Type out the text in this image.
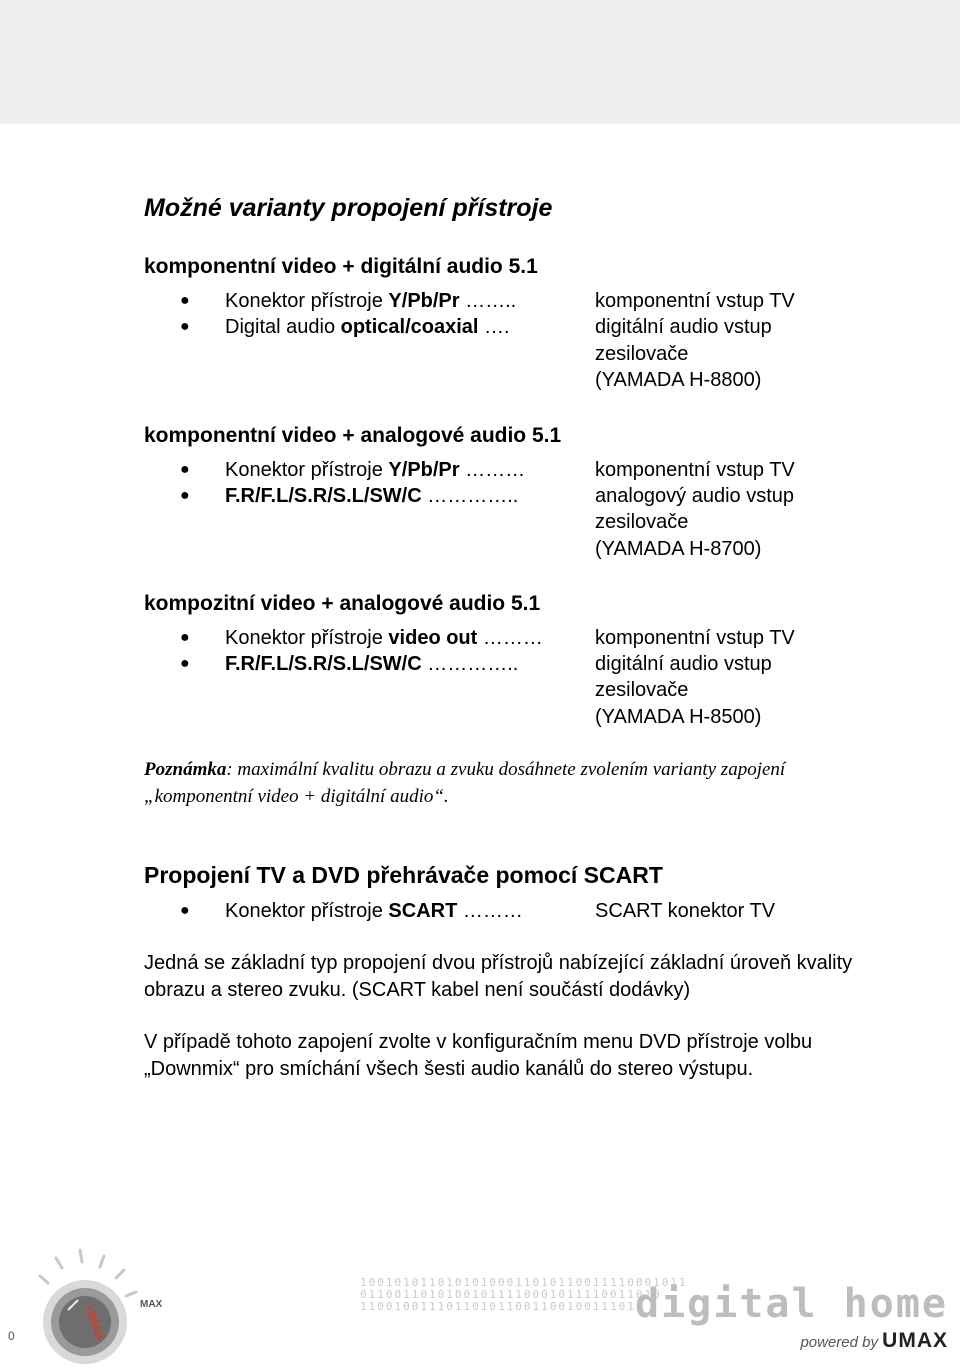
Možné varianty propojení přístroje
komponentní video + digitální audio 5.1
● Konektor přístroje Y/Pb/Pr ……..	komponentní vstup TV
● Digital audio optical/coaxial ….	digitální audio vstup
zesilovače
(YAMADA H-8800)
komponentní video + analogové audio 5.1
● Konektor přístroje Y/Pb/Pr ………	komponentní vstup TV
● F.R/F.L/S.R/S.L/SW/C …………..	analogový audio vstup
zesilovače
(YAMADA H-8700)
kompozitní video + analogové audio 5.1
● Konektor přístroje video out ………	komponentní vstup TV
● F.R/F.L/S.R/S.L/SW/C …………..	digitální audio vstup
zesilovače
(YAMADA H-8500)
Poznámka: maximální kvalitu obrazu a zvuku dosáhnete zvolením varianty zapojení „komponentní video + digitální audio“.
Propojení TV a DVD přehrávače pomocí SCART
● Konektor přístroje SCART ………	SCART konektor TV
Jedná se základní typ propojení dvou přístrojů nabízející základní úroveň kvality obrazu a stereo zvuku. (SCART kabel není součástí dodávky)
V případě tohoto zapojení zvolte v konfiguračním menu DVD přístroje volbu „Downmix“ pro smíchání všech šesti audio kanálů do stereo výstupu.
UMAX
0
MAX
10010101101010100011010110011110001011
01100110101001011110001011110011010
110010011101101011001100100111011
digital home
powered by UMAX
